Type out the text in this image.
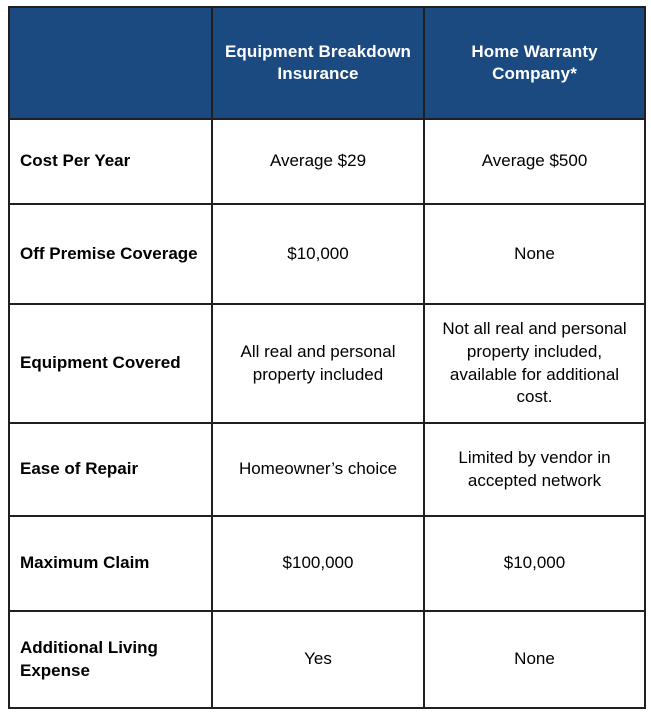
	Equipment Breakdown Insurance	Home Warranty Company*
Cost Per Year	Average $29	Average $500
Off Premise Coverage	$10,000	None
Equipment Covered	All real and personal property included	Not all real and personal property included, available for additional cost.
Ease of Repair	Homeowner’s choice	Limited by vendor in accepted network
Maximum Claim	$100,000	$10,000
Additional Living Expense	Yes	None
